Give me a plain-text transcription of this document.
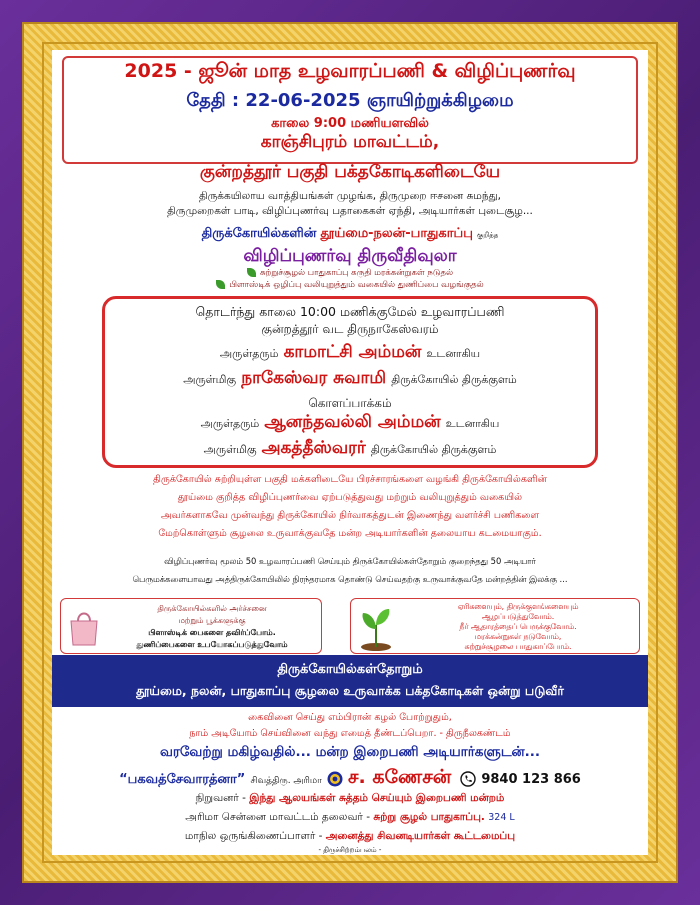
2025 - ஜூன் மாத உழவாரப்பணி & விழிப்புணர்வு
தேதி : 22-06-2025 ஞாயிற்றுக்கிழமை
காலை 9:00 மணியளவில்
காஞ்சிபுரம் மாவட்டம்,
குன்றத்தூர் பகுதி பக்தகோடிகளிடையே
திருக்கயிலாய வாத்தியங்கள் முழங்க, திருமுறை ஈசனை சுமந்து,
திருமுறைகள் பாடி, விழிப்புணர்வு பதாகைகள் ஏந்தி, அடியார்கள் புடைசூழ...
திருக்கோயில்களின் தூய்மை-நலன்-பாதுகாப்பு குறித்த
விழிப்புணர்வு திருவீதிவுலா
சுற்றுச்சூழல் பாதுகாப்பு கருதி மரக்கன்றுகள் நடுதல்
பிளாஸ்டிக் ஒழிப்பு வலியுறுத்தும் வகையில் துணிப்பை வழங்குதல்
தொடர்ந்து காலை 10:00 மணிக்குமேல் உழவாரப்பணி
குன்றத்தூர் வட திருநாகேஸ்வரம்
அருள்தரும் காமாட்சி அம்மன் உடனாகிய
அருள்மிகு நாகேஸ்வர சுவாமி திருக்கோயில் திருக்குளம்
கொளப்பாக்கம்
அருள்தரும் ஆனந்தவல்லி அம்மன் உடனாகிய
அருள்மிகு அகத்தீஸ்வரர் திருக்கோயில் திருக்குளம்
திருக்கோயில் சுற்றியுள்ள பகுதி மக்களிடையே பிரச்சாரங்களை வழங்கி திருக்கோயில்களின்
தூய்மை குறித்த விழிப்புணர்வை ஏற்படுத்துவது மற்றும் வலியுறுத்தும் வகையில்
அவர்களாகவே முன்வந்து திருக்கோயில் நிர்வாகத்துடன் இணைந்து வளர்ச்சி பணிகளை
மேற்கொள்ளும் சூழலை உருவாக்குவதே மன்ற அடியார்களின் தலையாய கடமையாகும்.
விழிப்புணர்வு மூலம் 50 உழவாரப்பணி செய்யும் திருக்கோயில்கள்தோறும் குறைந்தது 50 அடியார்
பெருமக்களையாவது அத்திருக்கோயிலில் நிரந்தரமாக தொண்டு செய்வதற்கு உருவாக்குவதே மன்றத்தின் இலக்கு ...
திருக்கோயில்களில் அர்ச்சனை
மற்றும் பூக்களுக்கு
பிளாஸ்டிக் பைகளை தவிர்ப்போம்.
துணிப்பைகளை உபயோகப்படுத்துவோம்
ஏரிகளையும், திருக்குளங்களையும்
ஆழப்படுத்துவோம்.
நீர் ஆதாரத்தைப் பெருக்குவோம்.
மரக்கன்றுகள் நடுவோம்,
சுற்றுச்சூழலை பாதுகாப்போம்.
திருக்கோயில்கள்தோறும்
தூய்மை, நலன், பாதுகாப்பு சூழலை உருவாக்க பக்தகோடிகள் ஒன்று படுவீர்
கைவினை செய்து எம்பிரான் கழல் போற்றுதும்,
நாம் அடியோம் செய்வினை வந்து எமைத் தீண்டப்பெறா. - திருநீலகண்டம்
வரவேற்று மகிழ்வதில்... மன்ற இறைபணி அடியார்களுடன்...
“பகவத்சேவாரத்னா” சிவத்திரு. அரிமா ச. கணேசன் 9840 123 866
நிறுவனர் - இந்து ஆலயங்கள் சுத்தம் செய்யும் இறைபணி மன்றம்
அரிமா சென்னை மாவட்டம் தலைவர் - சுற்று சூழல் பாதுகாப்பு. 324 L
மாநில ஒருங்கிணைப்பாளர் - அனைத்து சிவனடியார்கள் கூட்டமைப்பு
- திருச்சிற்றம்பலம் -
